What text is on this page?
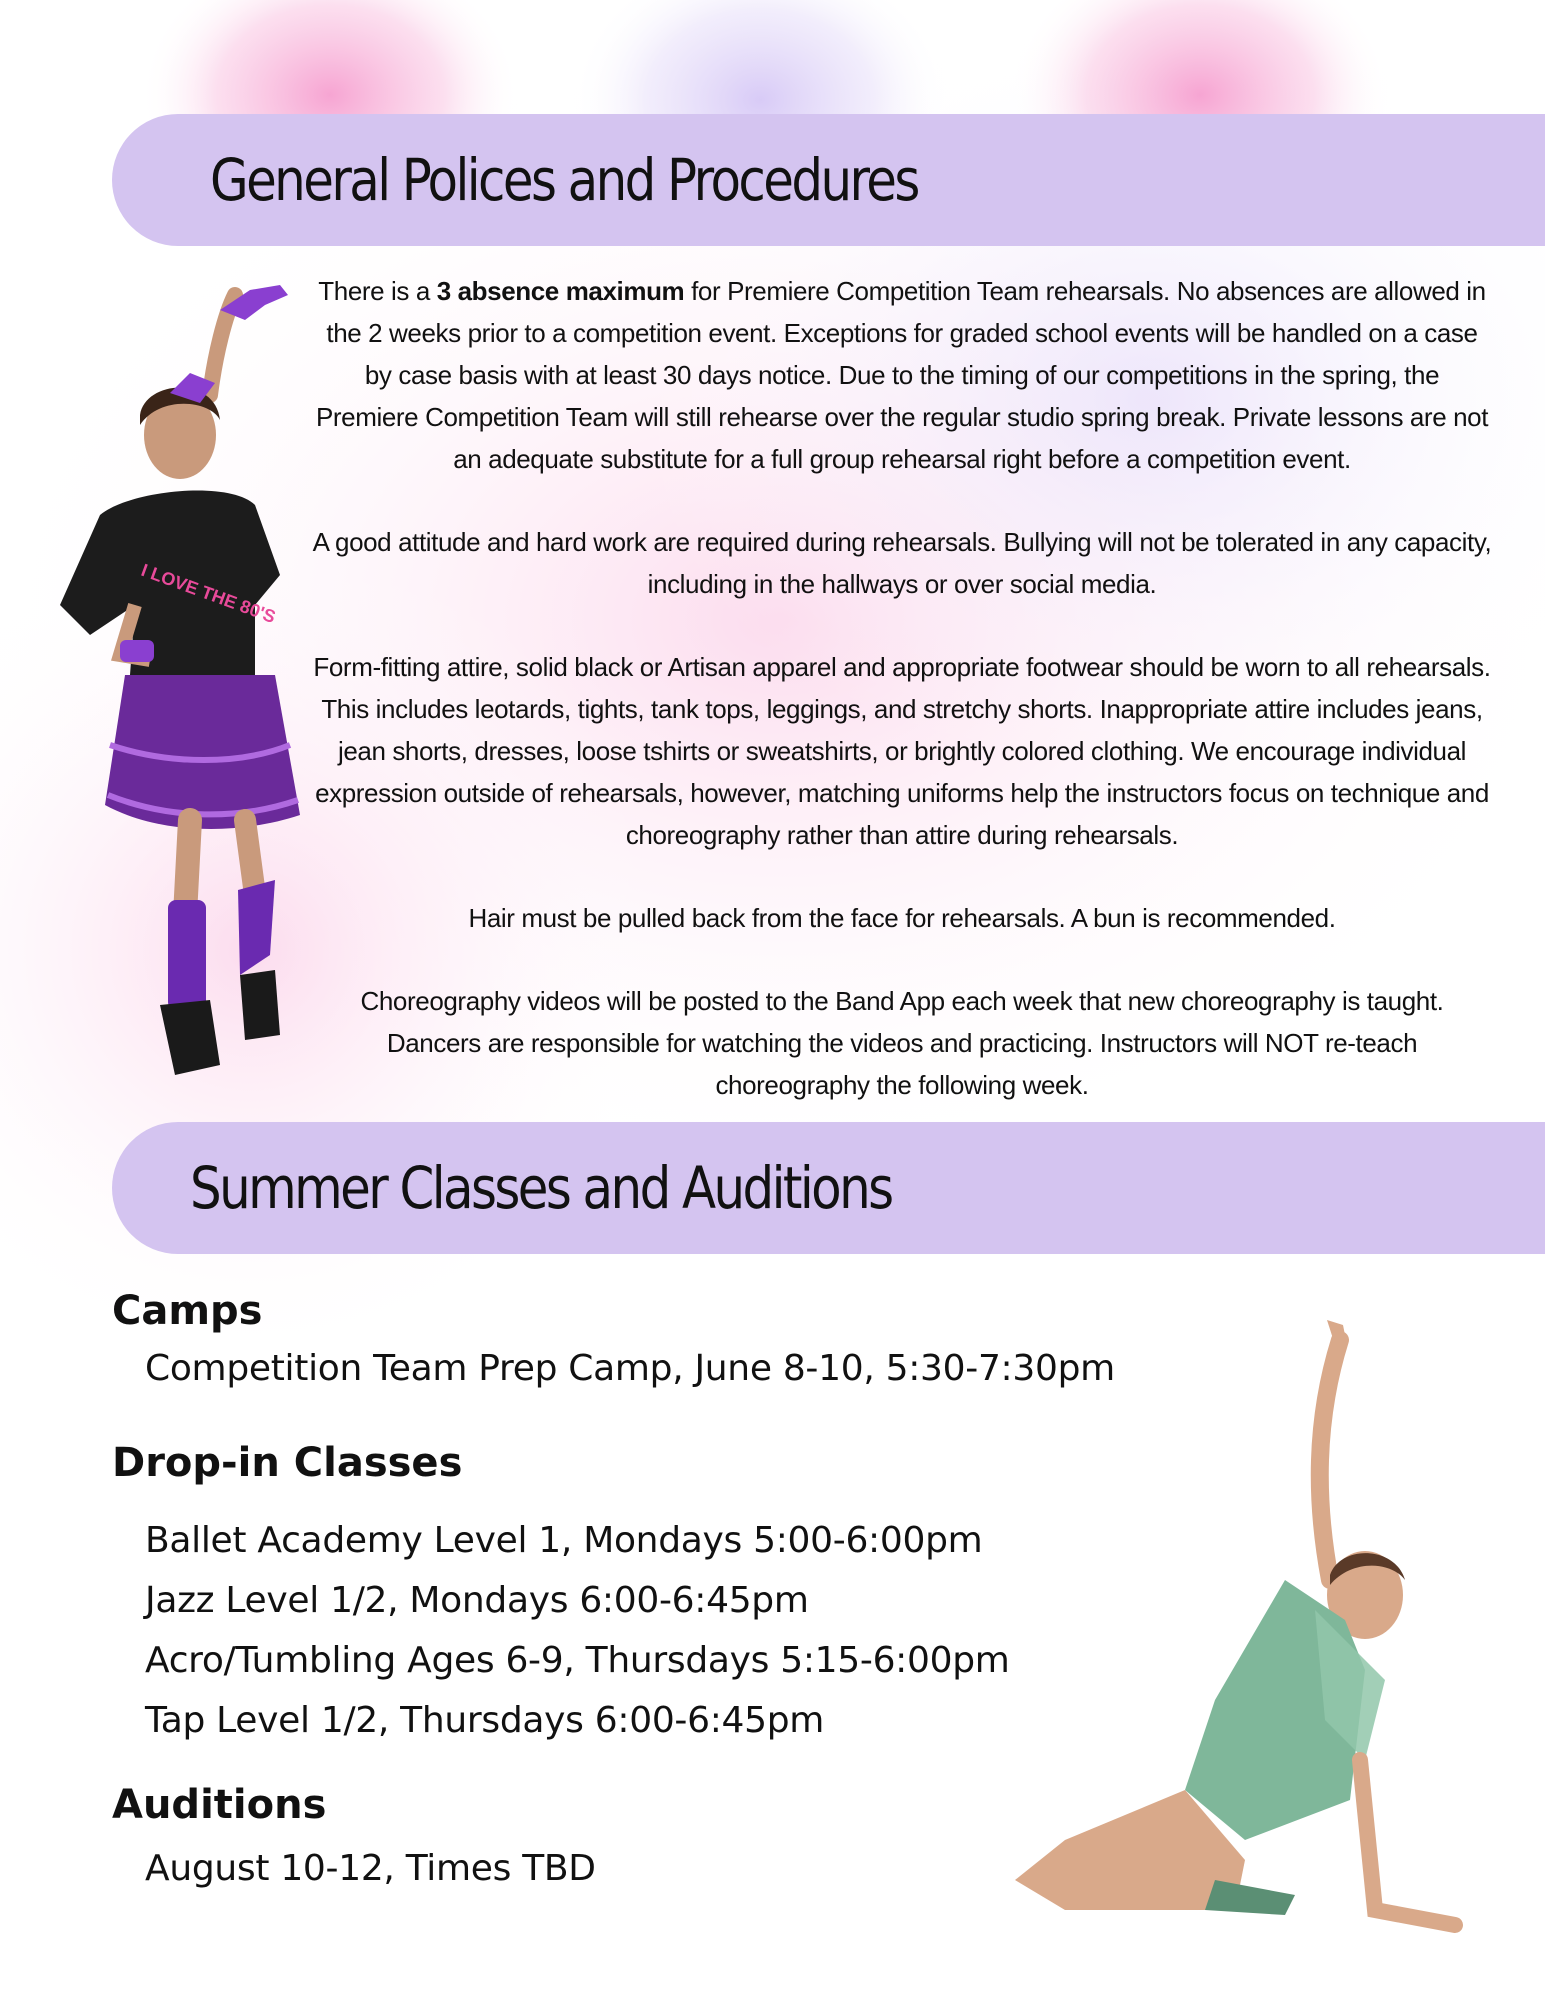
General Polices and Procedures
I LOVE THE 80'S

There is a 3 absence maximum for Premiere Competition Team rehearsals. No absences are allowed in the 2 weeks prior to a competition event. Exceptions for graded school events will be handled on a case by case basis with at least 30 days notice. Due to the timing of our competitions in the spring, the Premiere Competition Team will still rehearse over the regular studio spring break. Private lessons are not an adequate substitute for a full group rehearsal right before a competition event.

A good attitude and hard work are required during rehearsals. Bullying will not be tolerated in any capacity, including in the hallways or over social media.

Form-fitting attire, solid black or Artisan apparel and appropriate footwear should be worn to all rehearsals. This includes leotards, tights, tank tops, leggings, and stretchy shorts. Inappropriate attire includes jeans, jean shorts, dresses, loose tshirts or sweatshirts, or brightly colored clothing. We encourage individual expression outside of rehearsals, however, matching uniforms help the instructors focus on technique and choreography rather than attire during rehearsals.

Hair must be pulled back from the face for rehearsals. A bun is recommended.

Choreography videos will be posted to the Band App each week that new choreography is taught. Dancers are responsible for watching the videos and practicing. Instructors will NOT re-teach choreography the following week.

Summer Classes and Auditions
Camps

Competition Team Prep Camp, June 8-10, 5:30-7:30pm

Drop-in Classes

Ballet Academy Level 1, Mondays 5:00-6:00pm

Jazz Level 1/2, Mondays 6:00-6:45pm

Acro/Tumbling Ages 6-9, Thursdays 5:15-6:00pm

Tap Level 1/2, Thursdays 6:00-6:45pm

Auditions

August 10-12, Times TBD
